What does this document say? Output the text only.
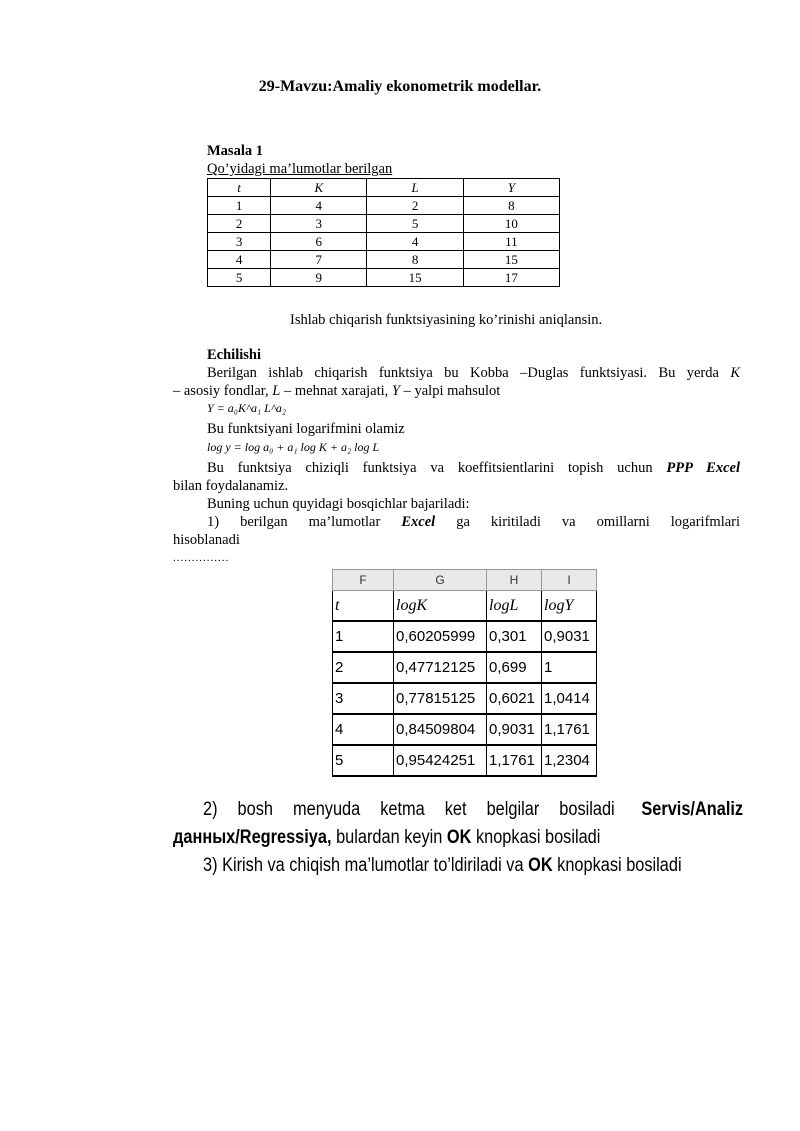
29-Mavzu:Amaliy ekonometrik modellar.
Masala 1
Qo’yidagi ma’lumotlar berilgan
t	K	L	Y
1	4	2	8
2	3	5	10
3	6	4	11
4	7	8	15
5	9	15	17
Ishlab chiqarish funktsiyasining ko’rinishi aniqlansin.
Echilishi
Berilgan ishlab chiqarish funktsiya bu Kobba –Duglas funktsiyasi. Bu yerda K
– asosiy fondlar, L – mehnat xarajati, Y – yalpi mahsulot
Y = a₀K^a₁ L^a₂
Bu funktsiyani logarifmini olamiz
log y = log a₀ + a₁ log K + a₂ log L
Bu funktsiya chiziqli funktsiya va koeffitsientlarini topish uchun PPP Excel
bilan foydalanamiz.
Buning uchun quyidagi bosqichlar bajariladi:
1) berilgan ma’lumotlar Excel ga kiritiladi va omillarni logarifmlari
hisoblanadi
...............
F	G	H	I
t	logK	logL	logY
1	0,60205999	0,301	0,9031
2	0,47712125	0,699	1
3	0,77815125	0,6021	1,0414
4	0,84509804	0,9031	1,1761
5	0,95424251	1,1761	1,2304
2) bosh menyuda ketma ket belgilar bosiladi Servis/Analiz
данных/Regressiya, bulardan keyin OK knopkasi bosiladi
3) Kirish va chiqish ma’lumotlar to’ldiriladi va OK knopkasi bosiladi
